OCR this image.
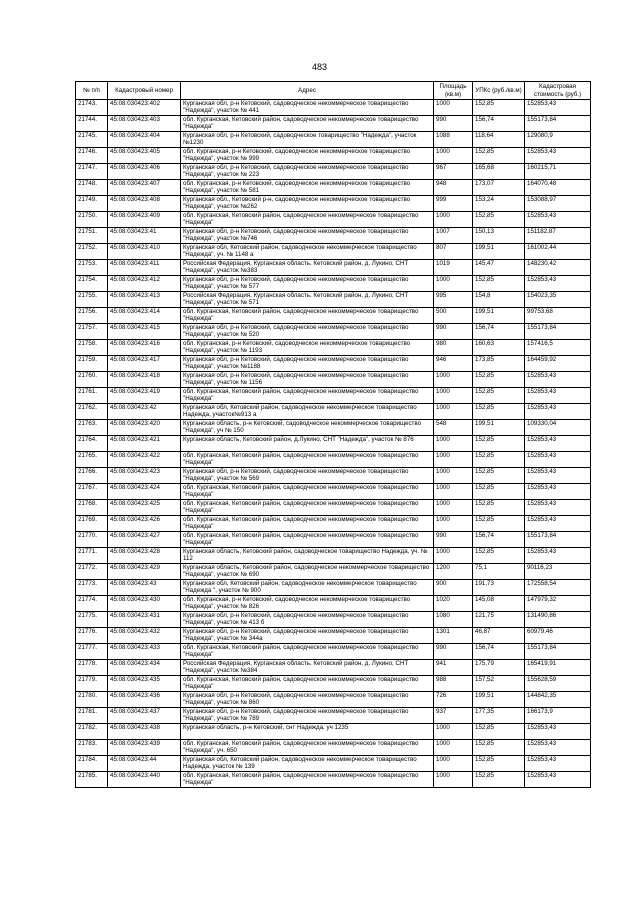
483
№ п/п	Кадастровый номер	Адрес	Площадь (кв.м)	УПКс (руб./кв.м)	Кадастровая стоимость (руб.)
21743.	45:08:030423:402	Курганская обл, р-н Кетовский, садоводческое некоммерческое товарищество "Надежда", участок № 441	1000	152,85	152853,43
21744.	45:08:030423:403	обл. Курганская, Кетовский район, садоводческое некоммерческое товарищество "Надежда"	990	156,74	155173,84
21745.	45:08:030423:404	Курганская обл, р-н Кетовский, садоводческое товарищество "Надежда", участок №1230	1088	118,64	129080,9
21746.	45:08:030423:405	обл. Курганская, р-н Кетовский, садоводческое некоммерческое товарищество "Надежда", участок № 999	1000	152,85	152853,43
21747.	45:08:030423:406	Курганская обл, р-н Кетовский, садоводческое некоммерческое товарищество "Надежда", участок № 223	967	165,68	160215,71
21748.	45:08:030423:407	обл. Курганская, р-н Кетовский, садоводческое некоммерческое товарищество "Надежда", участок № 581	948	173,07	164070,48
21749.	45:08:030423:408	Курганская обл., Кетовский р-н, садоводческое некоммерческое товарищество "Надежда", участок №262	999	153,24	153088,97
21750.	45:08:030423:409	обл. Курганская, Кетовский район, садоводческое некоммерческое товарищество "Надежда"	1000	152,85	152853,43
21751.	45:08:030423:41	Курганская обл, р-н Кетовский, садоводческое некоммерческое товарищество "Надежда", участок №746	1007	150,13	151182,87
21752.	45:08:030423:410	Курганская обл, Кетовский район, садоводческое некоммерческое товарищество "Надежда", уч. № 1148 а	807	199,51	161002,44
21753.	45:08:030423:411	Российская Федерация, Курганская область, Кетовский район, д. Лукино, СНТ "Надежда", участок №383	1019	145,47	148230,42
21754.	45:08:030423:412	Курганская обл, р-н Кетовский, садоводческое некоммерческое товарищество "Надежда", участок № 577	1000	152,85	152853,43
21755.	45:08:030423:413	Российская Федерация, Курганская область, Кетовский район, д. Лукино, СНТ "Надежда", участок № 571	995	154,8	154023,35
21756.	45:08:030423:414	обл. Курганская, Кетовский район, садоводческое некоммерческое товарищество "Надежда"	500	199,51	99753,68
21757.	45:08:030423:415	Курганская обл, р-н Кетовский, садоводческое некоммерческое товарищество "Надежда", участок № 520	990	156,74	155173,84
21758.	45:08:030423:416	обл. Курганская, р-н Кетовский, садоводческое некоммерческое товарищество "Надежда", участок № 1193	980	160,63	157416,5
21759.	45:08:030423:417	Курганская обл, р-н Кетовский, садоводческое некоммерческое товарищество "Надежда", участок №1188	946	173,85	164459,92
21760.	45:08:030423:418	Курганская обл, р-н Кетовский, садоводческое некоммерческое товарищество "Надежда", участок № 1156	1000	152,85	152853,43
21761.	45:08:030423:419	обл. Курганская, Кетовский район, садоводческое некоммерческое товарищество "Надежда"	1000	152,85	152853,43
21762.	45:08:030423:42	Курганская обл, Кетовский район, садоводческое некоммерческое товарищество Надежда, участок№913 а	1000	152,85	152853,43
21763.	45:08:030423:420	Курганская область, р-н Кетовский, садоводческое некоммерческое товарищество "Надежда", уч № 150	548	199,51	109330,04
21764.	45:08:030423:421	Курганская область, Кетовский район, д.Лукино, СНТ "Надежда", участок № 876	1000	152,85	152853,43
21765.	45:08:030423:422	обл. Курганская, Кетовский район, садоводческое некоммерческое товарищество "Надежда"	1000	152,85	152853,43
21766.	45:08:030423:423	Курганская обл, р-н Кетовский, садоводческое некоммерческое товарищество "Надежда", участок № 569	1000	152,85	152853,43
21767.	45:08:030423:424	обл. Курганская, Кетовский район, садоводческое некоммерческое товарищество "Надежда"	1000	152,85	152853,43
21768.	45:08:030423:425	обл. Курганская, Кетовский район, садоводческое некоммерческое товарищество "Надежда"	1000	152,85	152853,43
21769.	45:08:030423:426	обл. Курганская, Кетовский район, садоводческое некоммерческое товарищество "Надежда"	1000	152,85	152853,43
21770.	45:08:030423:427	обл. Курганская, Кетовский район, садоводческое некоммерческое товарищество "Надежда"	990	156,74	155173,84
21771.	45:08:030423:428	Курганская область, Кетовский район, садоводческое товарищество Надежда, уч. № 112	1000	152,85	152853,43
21772.	45:08:030423:429	Курганская область, Кетовский район, садоводческое некоммерческое товарищество "Надежда", участок № 690	1200	75,1	90116,23
21773.	45:08:030423:43	Курганская обл, Кетовский район, садоводческое некоммерческое товарищество "Надежда ", участок № 900	900	191,73	172558,54
21774.	45:08:030423:430	обл. Курганская, р-н Кетовский, садоводческое некоммерческое товарищество "Надежда", участок № 826	1020	145,08	147979,32
21775.	45:08:030423:431	Курганская обл, р-н Кетовский, садоводческое некоммерческое товарищество "Надежда", участок № 413 б	1080	121,75	131490,86
21776.	45:08:030423:432	Курганская обл, р-н Кетовский, садоводческое некоммерческое товарищество "Надежда", участок № 344а	1301	46,87	60979,46
21777.	45:08:030423:433	обл. Курганская, Кетовский район, садоводческое некоммерческое товарищество "Надежда"	990	156,74	155173,84
21778.	45:08:030423:434	Российская Федерация, Курганская область, Кетовский район, д. Лукино, СНТ "Надежда", участок №384	941	175,79	165419,91
21779.	45:08:030423:435	обл. Курганская, Кетовский район, садоводческое некоммерческое товарищество "Надежда"	988	157,52	155628,59
21780.	45:08:030423:436	Курганская обл, р-н Кетовский, садоводческое некоммерческое товарищество "Надежда", участок № 860	726	199,51	144842,35
21781.	45:08:030423:437	Курганская обл, р-н Кетовский, садоводческое некоммерческое товарищество "Надежда", участок № 789	937	177,35	166173,9
21782.	45:08:030423:438	Курганская область, р-н Кетовский, снт Надежда, уч 1235	1000	152,85	152853,43
21783.	45:08:030423:439	обл. Курганская, Кетовский район, садоводческое некоммерческое товарищество "Надежда", уч. 650	1000	152,85	152853,43
21784.	45:08:030423:44	Курганская обл, Кетовский район, садоводческое некоммерческое товарищество Надежда, участок № 139	1000	152,85	152853,43
21785.	45:08:030423:440	обл. Курганская, Кетовский район, садоводческое некоммерческое товарищество "Надежда"	1000	152,85	152853,43
